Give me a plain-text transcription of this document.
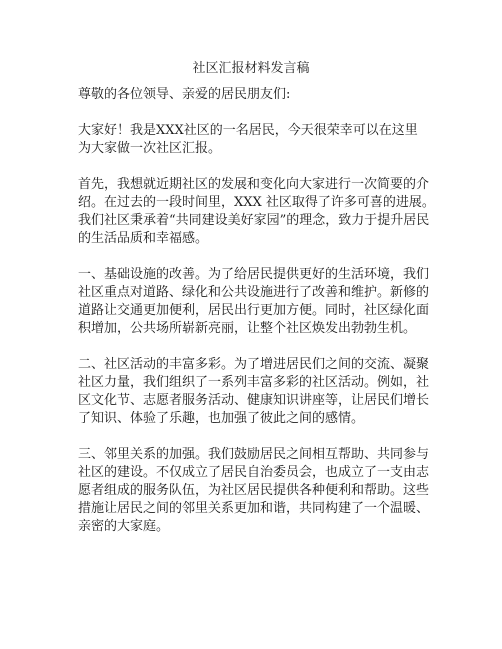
社区汇报材料发言稿
尊敬的各位领导、亲爱的居民朋友们:
大家好！我是XXX社区的一名居民，今天很荣幸可以在这里
为大家做一次社区汇报。
首先，我想就近期社区的发展和变化向大家进行一次简要的介
绍。在过去的一段时间里，XXX 社区取得了许多可喜的进展。
我们社区秉承着“共同建设美好家园”的理念，致力于提升居民
的生活品质和幸福感。
一、基础设施的改善。为了给居民提供更好的生活环境，我们
社区重点对道路、绿化和公共设施进行了改善和维护。新修的
道路让交通更加便利，居民出行更加方便。同时，社区绿化面
积增加，公共场所崭新亮丽，让整个社区焕发出勃勃生机。
二、社区活动的丰富多彩。为了增进居民们之间的交流、凝聚
社区力量，我们组织了一系列丰富多彩的社区活动。例如，社
区文化节、志愿者服务活动、健康知识讲座等，让居民们增长
了知识、体验了乐趣，也加强了彼此之间的感情。
三、邻里关系的加强。我们鼓励居民之间相互帮助、共同参与
社区的建设。不仅成立了居民自治委员会，也成立了一支由志
愿者组成的服务队伍，为社区居民提供各种便利和帮助。这些
措施让居民之间的邻里关系更加和谐，共同构建了一个温暖、
亲密的大家庭。
